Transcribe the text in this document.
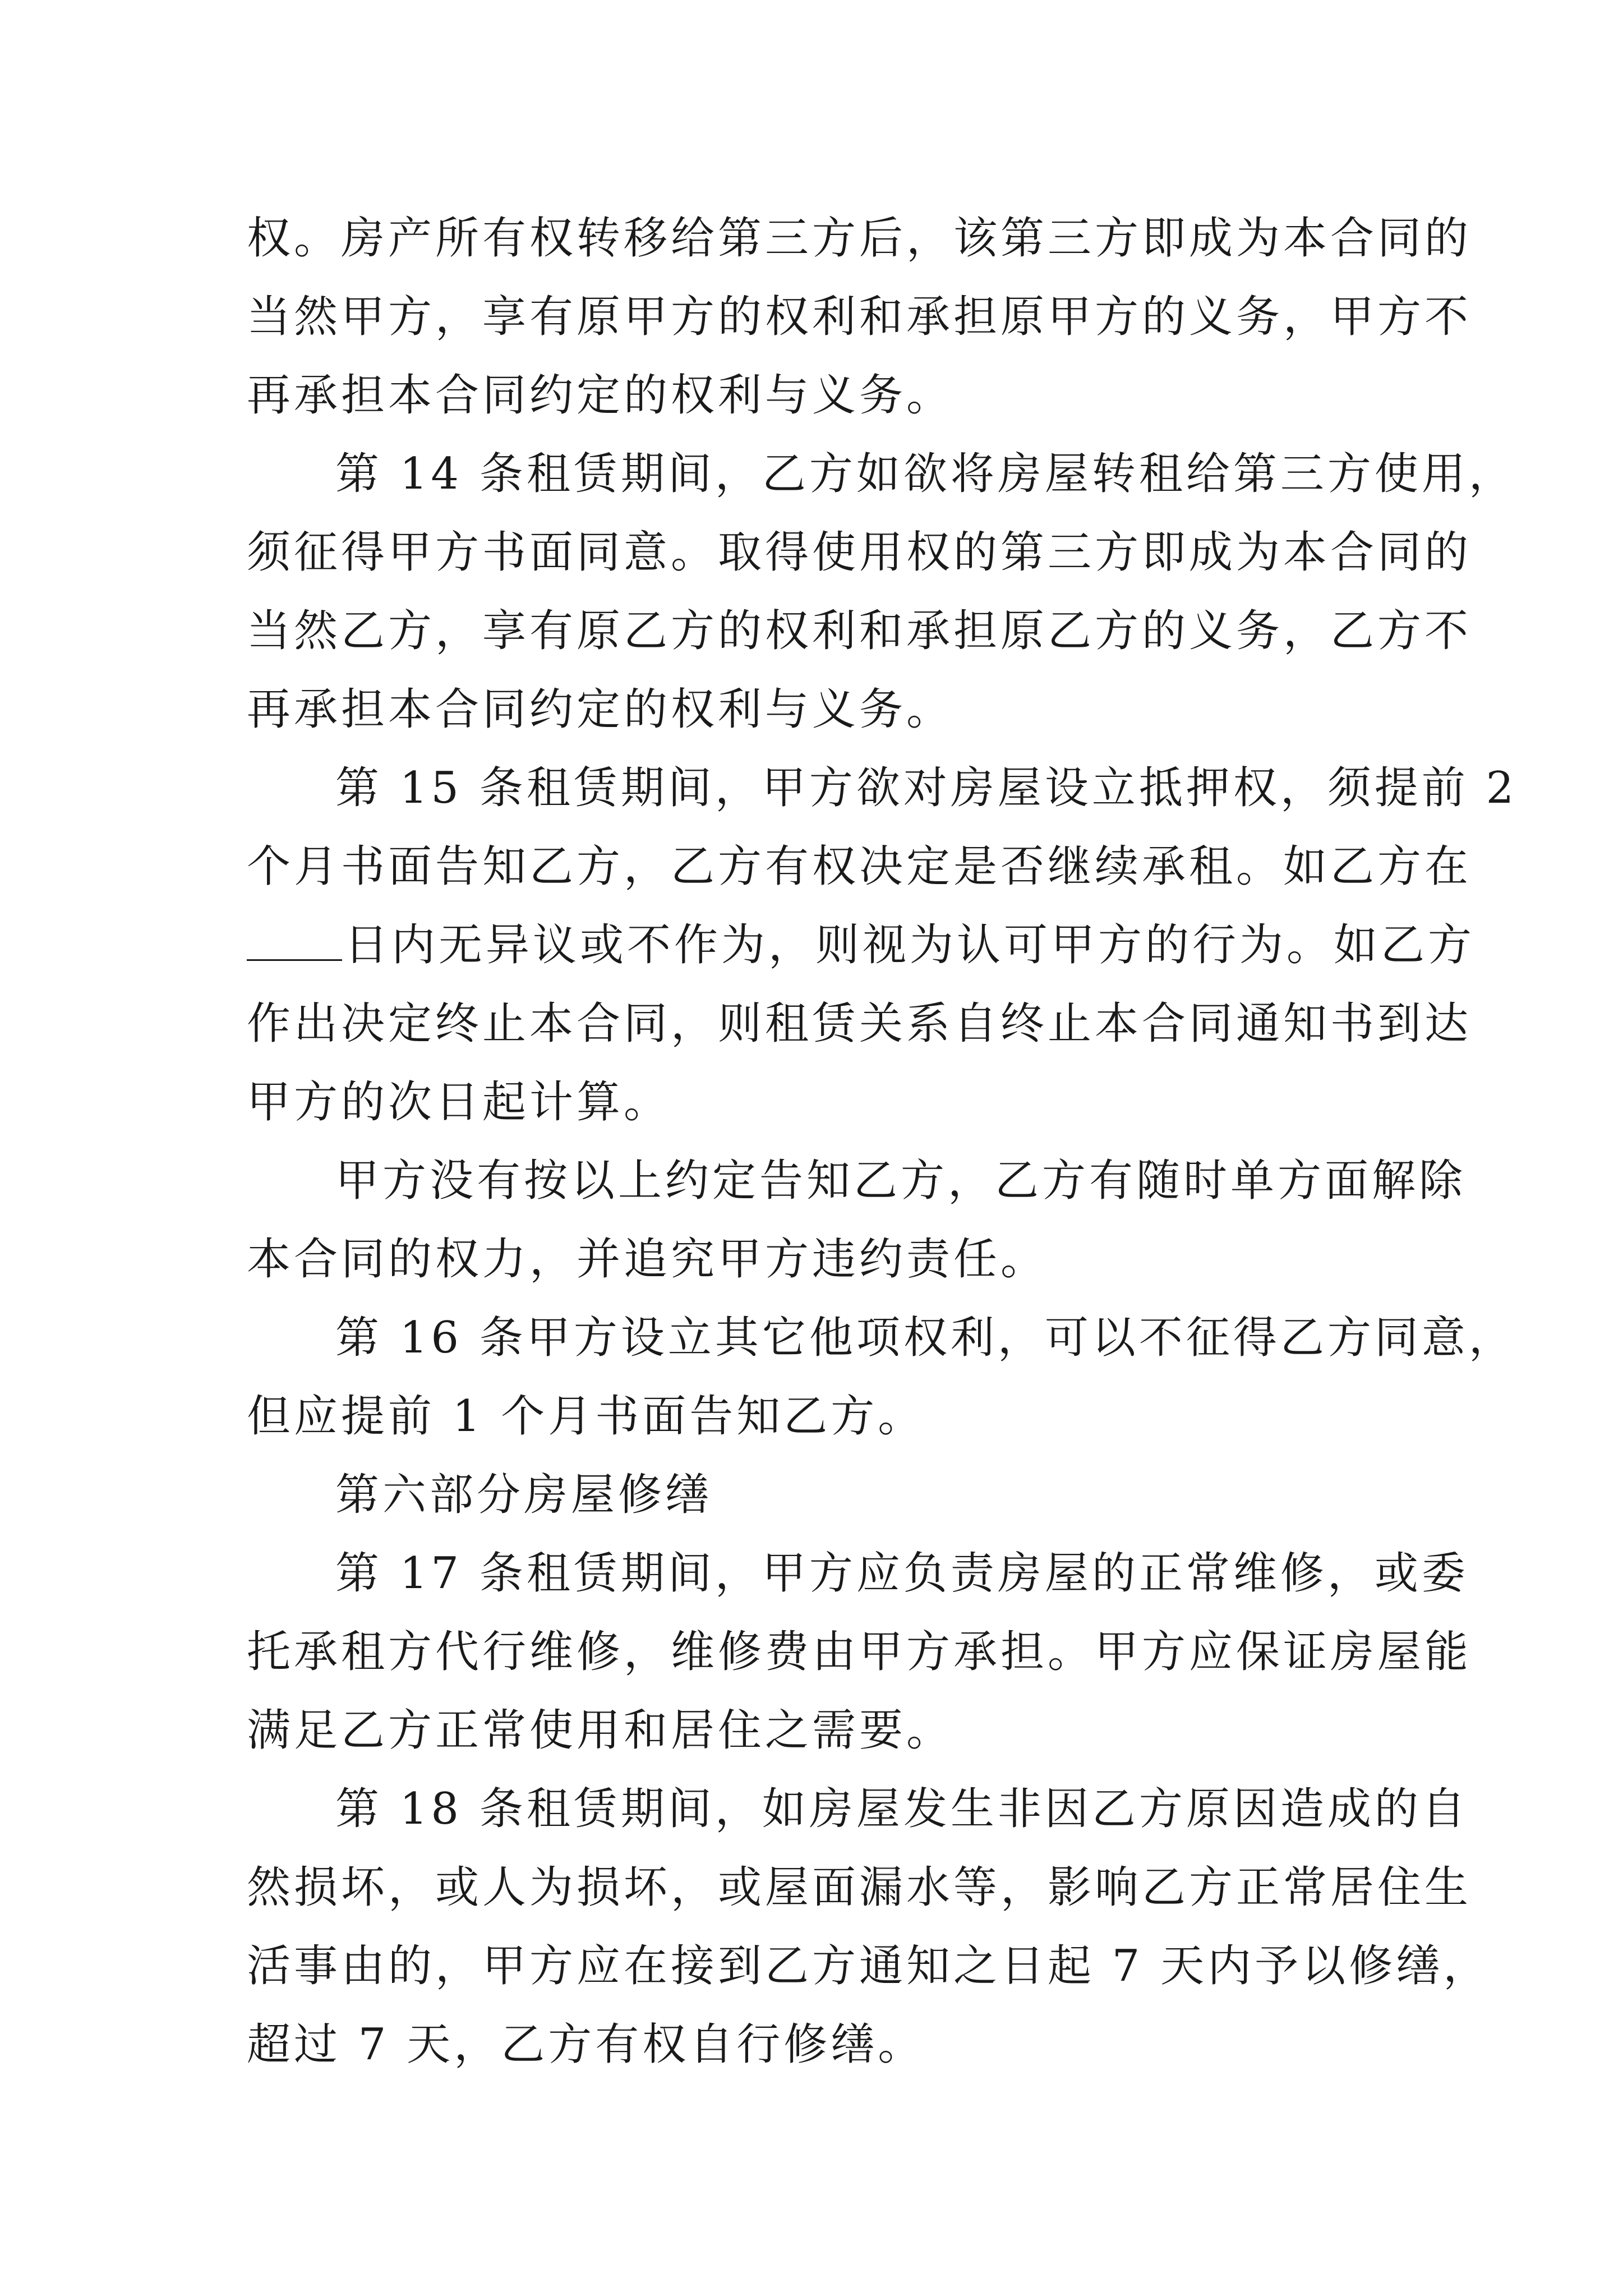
权。房产所有权转移给第三方后，该第三方即成为本合同的
当然甲方，享有原甲方的权利和承担原甲方的义务，甲方不
再承担本合同约定的权利与义务。
第 14 条租赁期间，乙方如欲将房屋转租给第三方使用，
须征得甲方书面同意。取得使用权的第三方即成为本合同的
当然乙方，享有原乙方的权利和承担原乙方的义务，乙方不
再承担本合同约定的权利与义务。
第 15 条租赁期间，甲方欲对房屋设立抵押权，须提前 2
个月书面告知乙方，乙方有权决定是否继续承租。如乙方在
日内无异议或不作为，则视为认可甲方的行为。如乙方
作出决定终止本合同，则租赁关系自终止本合同通知书到达
甲方的次日起计算。
甲方没有按以上约定告知乙方，乙方有随时单方面解除
本合同的权力，并追究甲方违约责任。
第 16 条甲方设立其它他项权利，可以不征得乙方同意，
但应提前 1 个月书面告知乙方。
第六部分房屋修缮
第 17 条租赁期间，甲方应负责房屋的正常维修，或委
托承租方代行维修，维修费由甲方承担。甲方应保证房屋能
满足乙方正常使用和居住之需要。
第 18 条租赁期间，如房屋发生非因乙方原因造成的自
然损坏，或人为损坏，或屋面漏水等，影响乙方正常居住生
活事由的，甲方应在接到乙方通知之日起 7 天内予以修缮，
超过 7 天，乙方有权自行修缮。
